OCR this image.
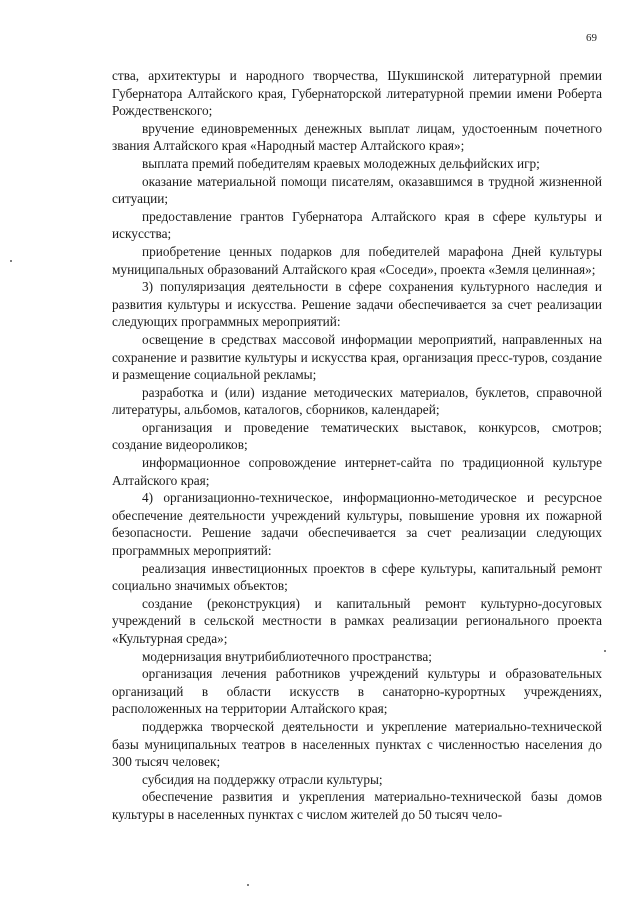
69

ства, архитектуры и народного творчества, Шукшинской литературной премии Губернатора Алтайского края, Губернаторской литературной премии имени Роберта Рождественского;

вручение единовременных денежных выплат лицам, удостоенным почетного звания Алтайского края «Народный мастер Алтайского края»;

выплата премий победителям краевых молодежных дельфийских игр;

оказание материальной помощи писателям, оказавшимся в трудной жизненной ситуации;

предоставление грантов Губернатора Алтайского края в сфере культуры и искусства;

приобретение ценных подарков для победителей марафона Дней культуры муниципальных образований Алтайского края «Соседи», проекта «Земля целинная»;

3) популяризация деятельности в сфере сохранения культурного наследия и развития культуры и искусства. Решение задачи обеспечивается за счет реализации следующих программных мероприятий:

освещение в средствах массовой информации мероприятий, направленных на сохранение и развитие культуры и искусства края, организация пресс-туров, создание и размещение социальной рекламы;

разработка и (или) издание методических материалов, буклетов, справочной литературы, альбомов, каталогов, сборников, календарей;

организация и проведение тематических выставок, конкурсов, смотров; создание видеороликов;

информационное сопровождение интернет-сайта по традиционной культуре Алтайского края;

4) организационно-техническое, информационно-методическое и ресурсное обеспечение деятельности учреждений культуры, повышение уровня их пожарной безопасности. Решение задачи обеспечивается за счет реализации следующих программных мероприятий:

реализация инвестиционных проектов в сфере культуры, капитальный ремонт социально значимых объектов;

создание (реконструкция) и капитальный ремонт культурно-досуговых учреждений в сельской местности в рамках реализации регионального проекта «Культурная среда»;

модернизация внутрибиблиотечного пространства;

организация лечения работников учреждений культуры и образовательных организаций в области искусств в санаторно-курортных учреждениях, расположенных на территории Алтайского края;

поддержка творческой деятельности и укрепление материально-технической базы муниципальных театров в населенных пунктах с численностью населения до 300 тысяч человек;

субсидия на поддержку отрасли культуры;

обеспечение развития и укрепления материально-технической базы домов культуры в населенных пунктах с числом жителей до 50 тысяч чело-
